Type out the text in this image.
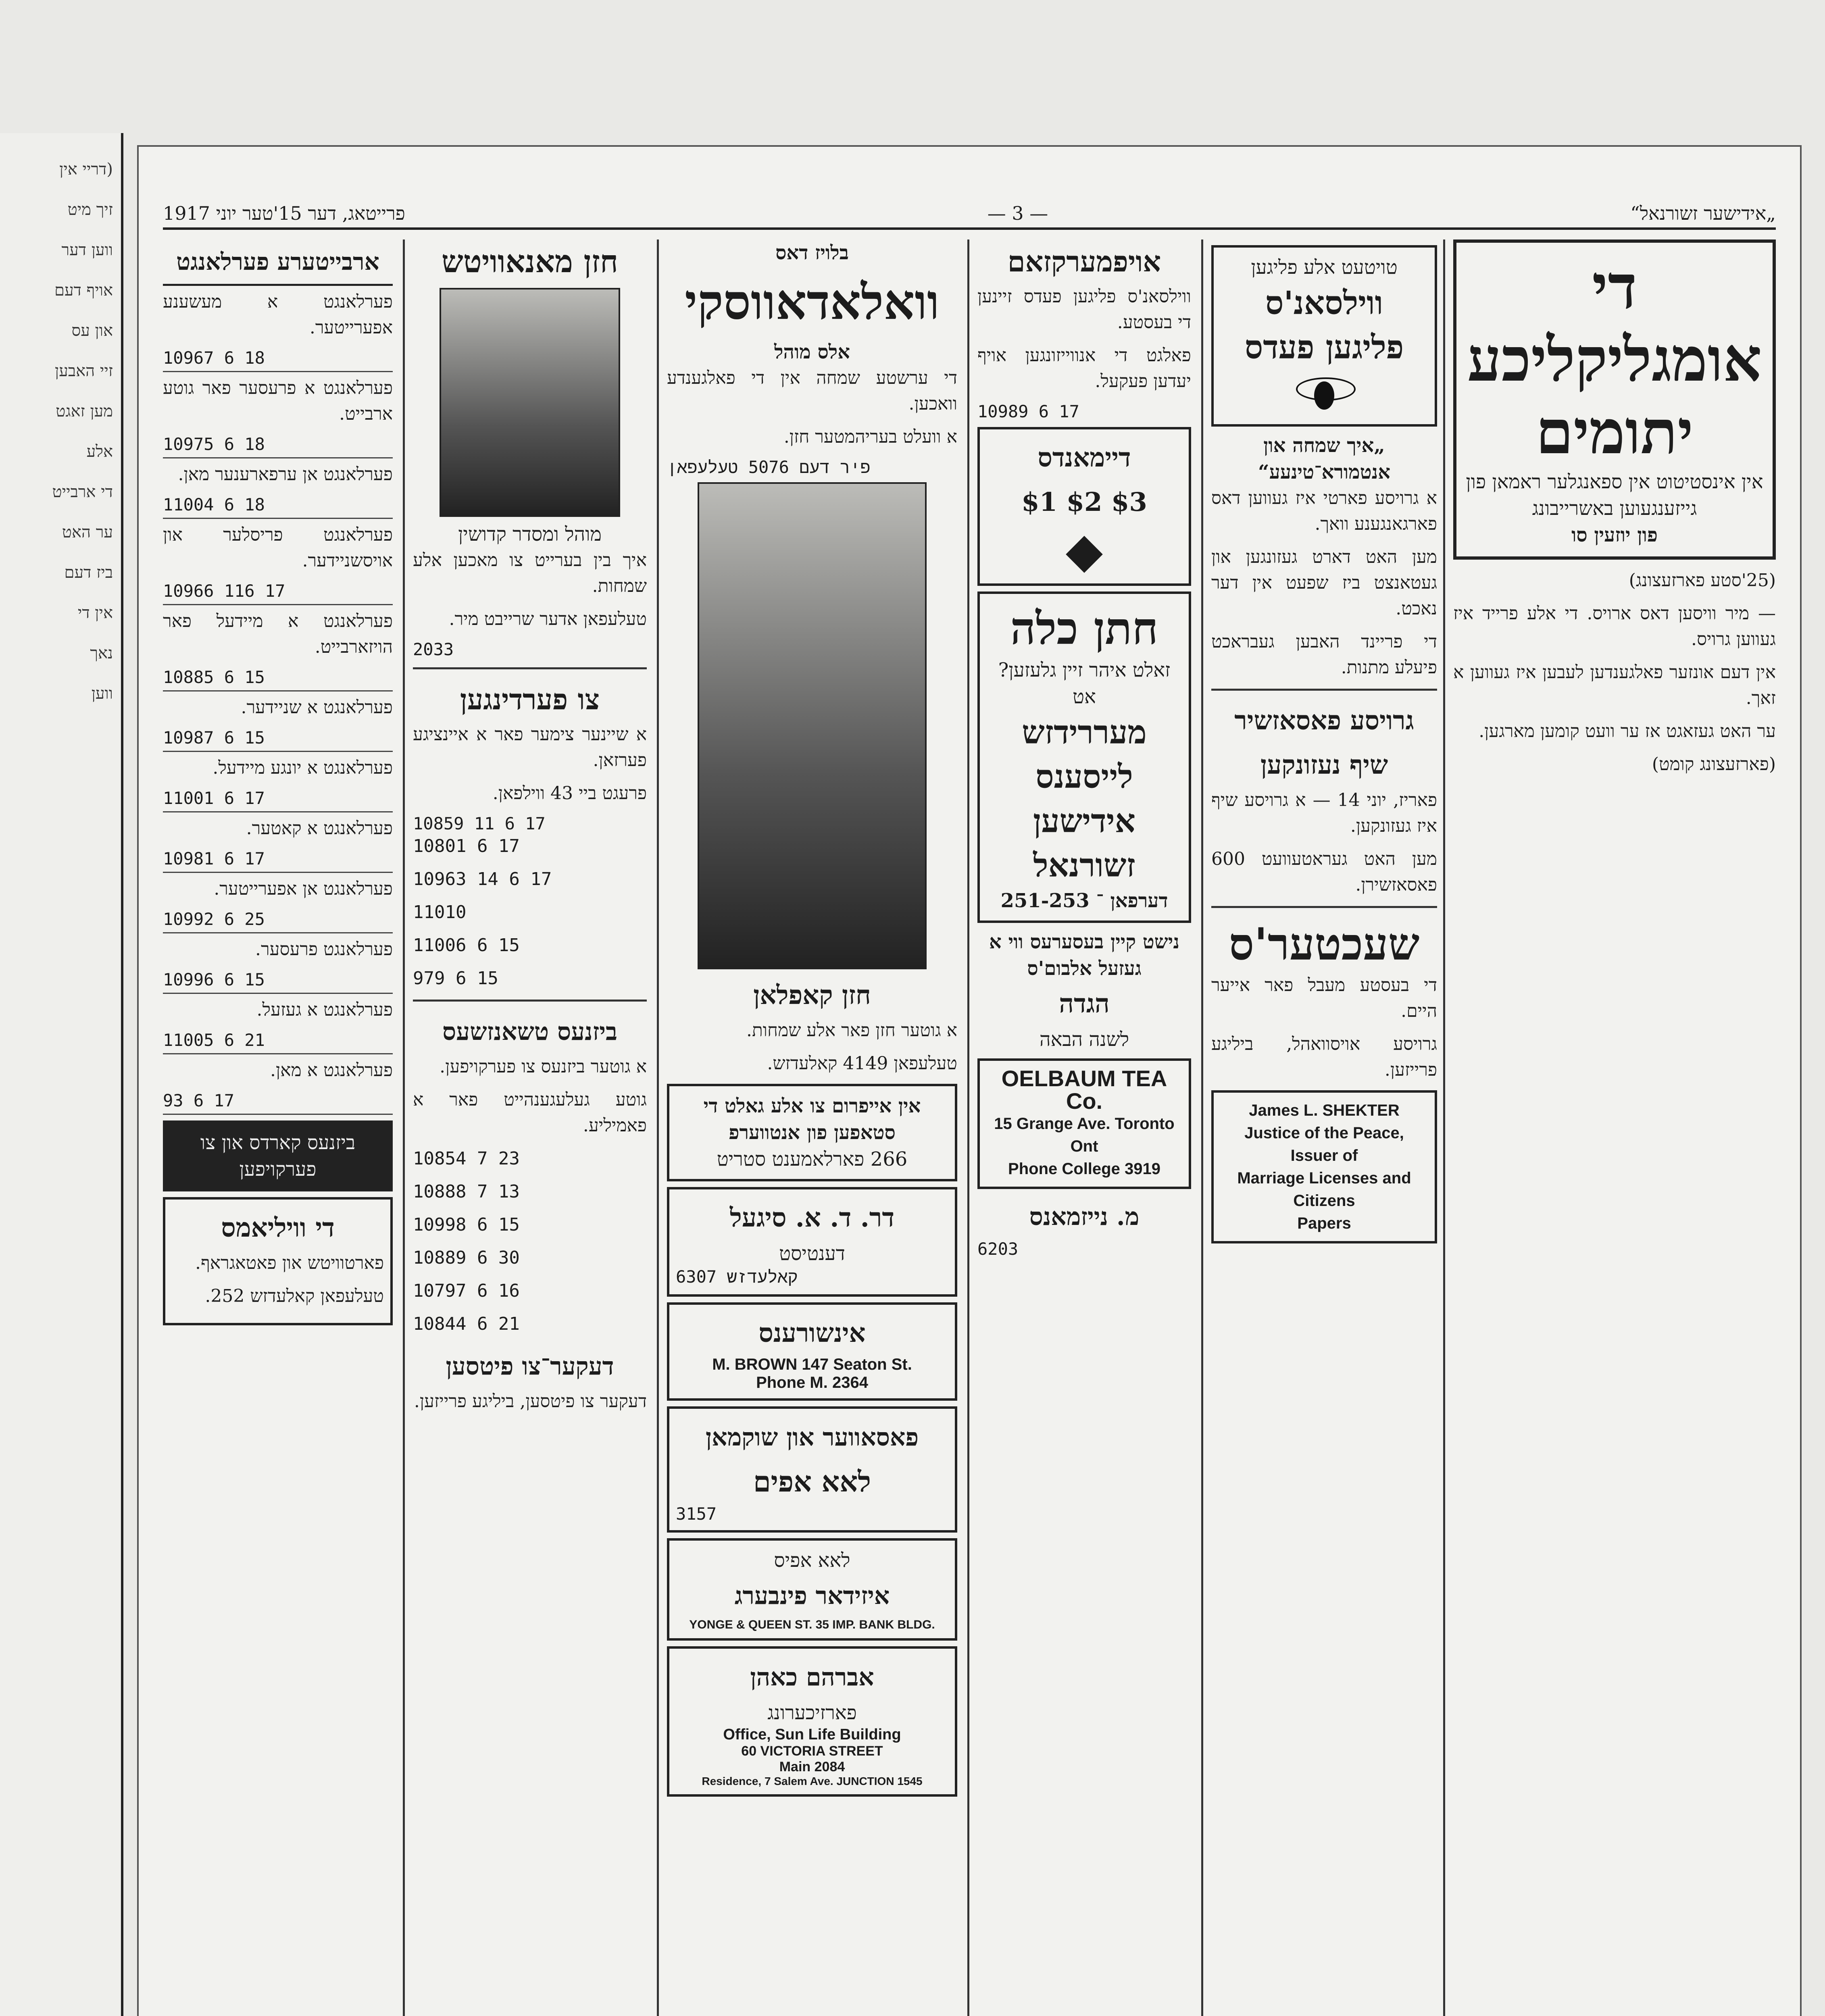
(דריי אין

זיך מיט

ווען דער

אויף דעם

און עס

זיי האבען

מען זאגט

אלע

די ארבייט

ער האט

ביז דעם

אין די

נאך

ווען

„אידישער זשורנאל“
— 3 —
פרייטאג, דער 15'טער יוני 1917
די אומגליקליכע יתומים
אין אינסטיטוט אין ספאנגלער ראמאן פון גייזענגעוען באשרייבונג
פון יוזעין סו

(25'סטע פארזעצונג)

— מיר וויסען דאס ארויס. די אלע פרייד איז געווען גרויס.

אין דעם אונזער פאלגענדען לעבען איז געווען א זאך.

ער האט געזאגט אז ער וועט קומען מארגען.

(פארזעצונג קומט)

טויטעט אלע פליגען
ווילסאנ'ס
פליגען פעדס
„איך שמחה און אנטמורא־טינעע“

א גרויסע פארטי איז געווען דאס פארגאנגענע וואך.

מען האט דארט געזונגען און געטאנצט ביז שפעט אין דער נאכט.

די פריינד האבען געבראכט פיעלע מתנות.

גרויסע פאסאזשיר שיף נעזונקען

פאריז, יוני 14 — א גרויסע שיף איז געזונקען.

מען האט געראטעוועט 600 פאסאזשירן.

שעכטער'ס

די בעסטע מעבל פאר אייער היים.

גרויסע אויסוואהל, ביליגע פרייזען.

James L. SHEKTER
Justice of the Peace, Issuer of
Marriage Licenses and Citizens
Papers
אויפמערקזאם

ווילסאנ'ס פליגען פעדס זיינען די בעסטע.

פאלגט די אנווייזונגען אויף יעדען פעקעל.

10989 6 17
דיימאנדס
$3 $2 $1
◆
חתן כלה
זאלט איהר זיין גלעזען? אט
מעררידזש
לייסענס
אידישען
זשורנאל
דערפאן ־ 251-253
נישט קיין בעסערעס ווי א געזעל אלבום'ס
הגדה
לשנה הבאה
OELBAUM TEA Co.
15 Grange Ave. Toronto Ont
Phone College 3919
מ. נייזמאנס
6203
בלויז דאס
וואלאדאווסקי
אלס מוהל

די ערשטע שמחה אין די פאלגענדע וואכען.

א וועלט בעריהמטער חזן.

פיר דעם 5076 טעלעפאן
חזן קאפלאן

א גוטער חזן פאר אלע שמחות.

טעלעפאן 4149 קאלעדזש.

אין אייפרום צו אלע גאלט די סטאפען פון אנטווערפ
266 פארלאמענט סטריט
דר. ד. א. סיגעל
דענטיסט
6307 קאלעדזש
אינשורענס
M. BROWN 147 Seaton St.
Phone M. 2364
פאסאווער און שוקמאן
לאא אפים
3157
לאא אפיס
איזידאר פינבערג
YONGE & QUEEN ST. 35 IMP. BANK BLDG.
אברהם כאהן
פארזיכערונג
Office, Sun Life Building
60 VICTORIA STREET
Main 2084
Residence, 7 Salem Ave. JUNCTION 1545
חזן מאנאוויטש
מוהל ומסדר קדושין

איך בין בערייט צו מאכען אלע שמחות.

טעלעפאן אדער שרייבט מיר.

2033
צו פערדינגען

א שיינער צימער פאר א איינציגע פערזאן.

פרעגט ביי 43 ווילפאן.

10859 11 6 17

10801 6 17

10963 14 6 17

11010

11006 6 15

979 6 15

ביזנעס טשאנזשעס

א גוטער ביזנעס צו פערקויפען.

גוטע געלעגענהייט פאר א פאמיליע.

10854 7 23

10888 7 13

10998 6 15

10889 6 30

10797 6 16

10844 6 21

דעקער־צו פיטסען

דעקער צו פיטסען, ביליגע פרייזען.

ארבייטערע פערלאנגט

פערלאנגט א מעשענע אפערייטער.

10967 6 18

פערלאנגט א פרעסער פאר גוטע ארבייט.

10975 6 18

פערלאנגט אן ערפארענער מאן.

11004 6 18

פערלאנגט פריסלער און אויסשניידער.

10966 116 17

פערלאנגט א מיידעל פאר הויזארבייט.

10885 6 15

פערלאנגט א שניידער.

10987 6 15

פערלאנגט א יונגע מיידעל.

11001 6 17

פערלאנגט א קאטער.

10981 6 17

פערלאנגט אן אפערייטער.

10992 6 25

פערלאנגט פרעסער.

10996 6 15

פערלאנגט א געזעל.

11005 6 21

פערלאנגט א מאן.

93 6 17
ביזנעס קארדס און צו פערקויפען
די וויליאמס

פארטוויטש און פאטאגראף.

טעלעפאן קאלעדזש 252.
